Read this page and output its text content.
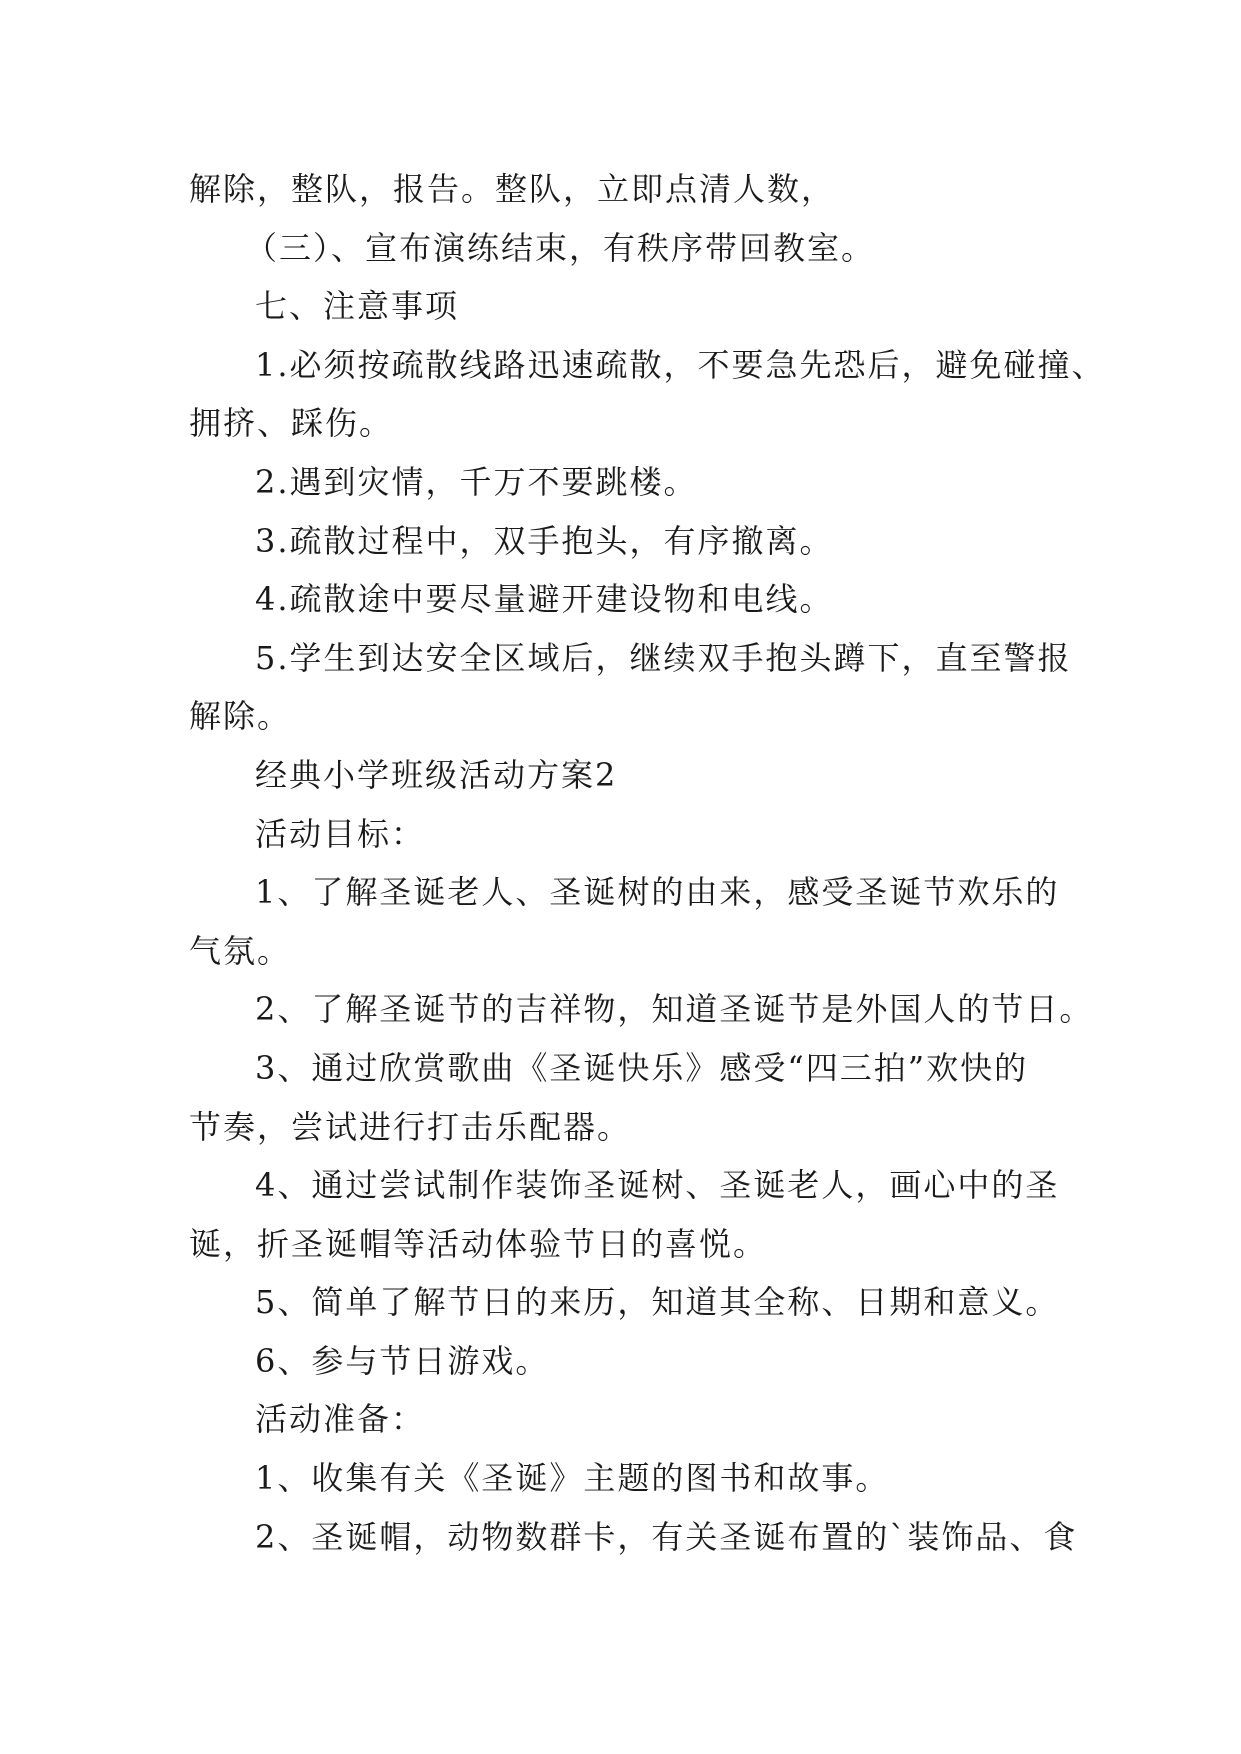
解除，整队，报告。整队，立即点清人数，
（三）、宣布演练结束，有秩序带回教室。
七、注意事项
1.必须按疏散线路迅速疏散，不要急先恐后，避免碰撞、
拥挤、踩伤。
2.遇到灾情，千万不要跳楼。
3.疏散过程中，双手抱头，有序撤离。
4.疏散途中要尽量避开建设物和电线。
5.学生到达安全区域后，继续双手抱头蹲下，直至警报
解除。
经典小学班级活动方案2
活动目标：
1、了解圣诞老人、圣诞树的由来，感受圣诞节欢乐的
气氛。
2、了解圣诞节的吉祥物，知道圣诞节是外国人的节日。
3、通过欣赏歌曲《圣诞快乐》感受“四三拍”欢快的
节奏，尝试进行打击乐配器。
4、通过尝试制作装饰圣诞树、圣诞老人，画心中的圣
诞，折圣诞帽等活动体验节日的喜悦。
5、简单了解节日的来历，知道其全称、日期和意义。
6、参与节日游戏。
活动准备：
1、收集有关《圣诞》主题的图书和故事。
2、圣诞帽，动物数群卡，有关圣诞布置的`装饰品、食
